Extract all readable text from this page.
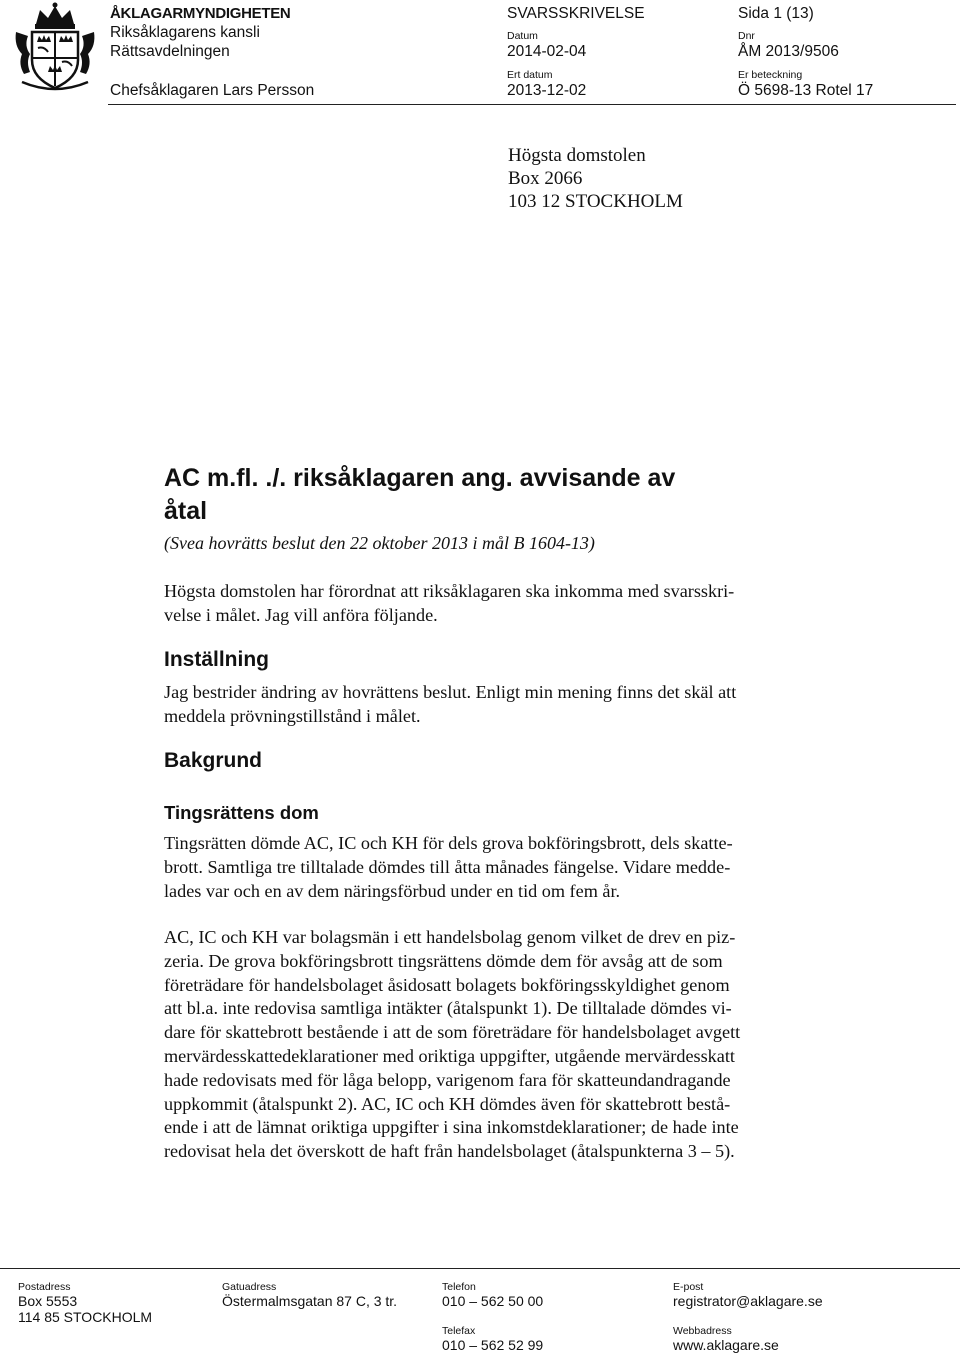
ÅKLAGARMYNDIGHETEN
Riksåklagarens kansli
Rättsavdelningen
Chefsåklagaren Lars Persson
SVARSSKRIVELSE
Datum
2014-02-04
Ert datum
2013-12-02
Sida 1 (13)
Dnr
ÅM 2013/9506
Er beteckning
Ö 5698-13 Rotel 17
Högsta domstolen
Box 2066
103 12 STOCKHOLM
AC m.fl. ./. riksåklagaren ang. avvisande av
åtal
(Svea hovrätts beslut den 22 oktober 2013 i mål B 1604-13)
Högsta domstolen har förordnat att riksåklagaren ska inkomma med svarsskri-
velse i målet. Jag vill anföra följande.
Inställning
Jag bestrider ändring av hovrättens beslut. Enligt min mening finns det skäl att
meddela prövningstillstånd i målet.
Bakgrund
Tingsrättens dom
Tingsrätten dömde AC, IC och KH för dels grova bokföringsbrott, dels skatte-
brott. Samtliga tre tilltalade dömdes till åtta månades fängelse. Vidare medde-
lades var och en av dem näringsförbud under en tid om fem år.
AC, IC och KH var bolagsmän i ett handelsbolag genom vilket de drev en piz-
zeria. De grova bokföringsbrott tingsrättens dömde dem för avsåg att de som
företrädare för handelsbolaget åsidosatt bolagets bokföringsskyldighet genom
att bl.a. inte redovisa samtliga intäkter (åtalspunkt 1). De tilltalade dömdes vi-
dare för skattebrott bestående i att de som företrädare för handelsbolaget avgett
mervärdesskattedeklarationer med oriktiga uppgifter, utgående mervärdesskatt
hade redovisats med för låga belopp, varigenom fara för skatteundandragande
uppkommit (åtalspunkt 2). AC, IC och KH dömdes även för skattebrott bestå-
ende i att de lämnat oriktiga uppgifter i sina inkomstdeklarationer; de hade inte
redovisat hela det överskott de haft från handelsbolaget (åtalspunkterna 3 – 5).
Postadress
Box 5553
114 85 STOCKHOLM
Gatuadress
Östermalmsgatan 87 C, 3 tr.
Telefon
010 – 562 50 00
Telefax
010 – 562 52 99
E-post
registrator@aklagare.se
Webbadress
www.aklagare.se
